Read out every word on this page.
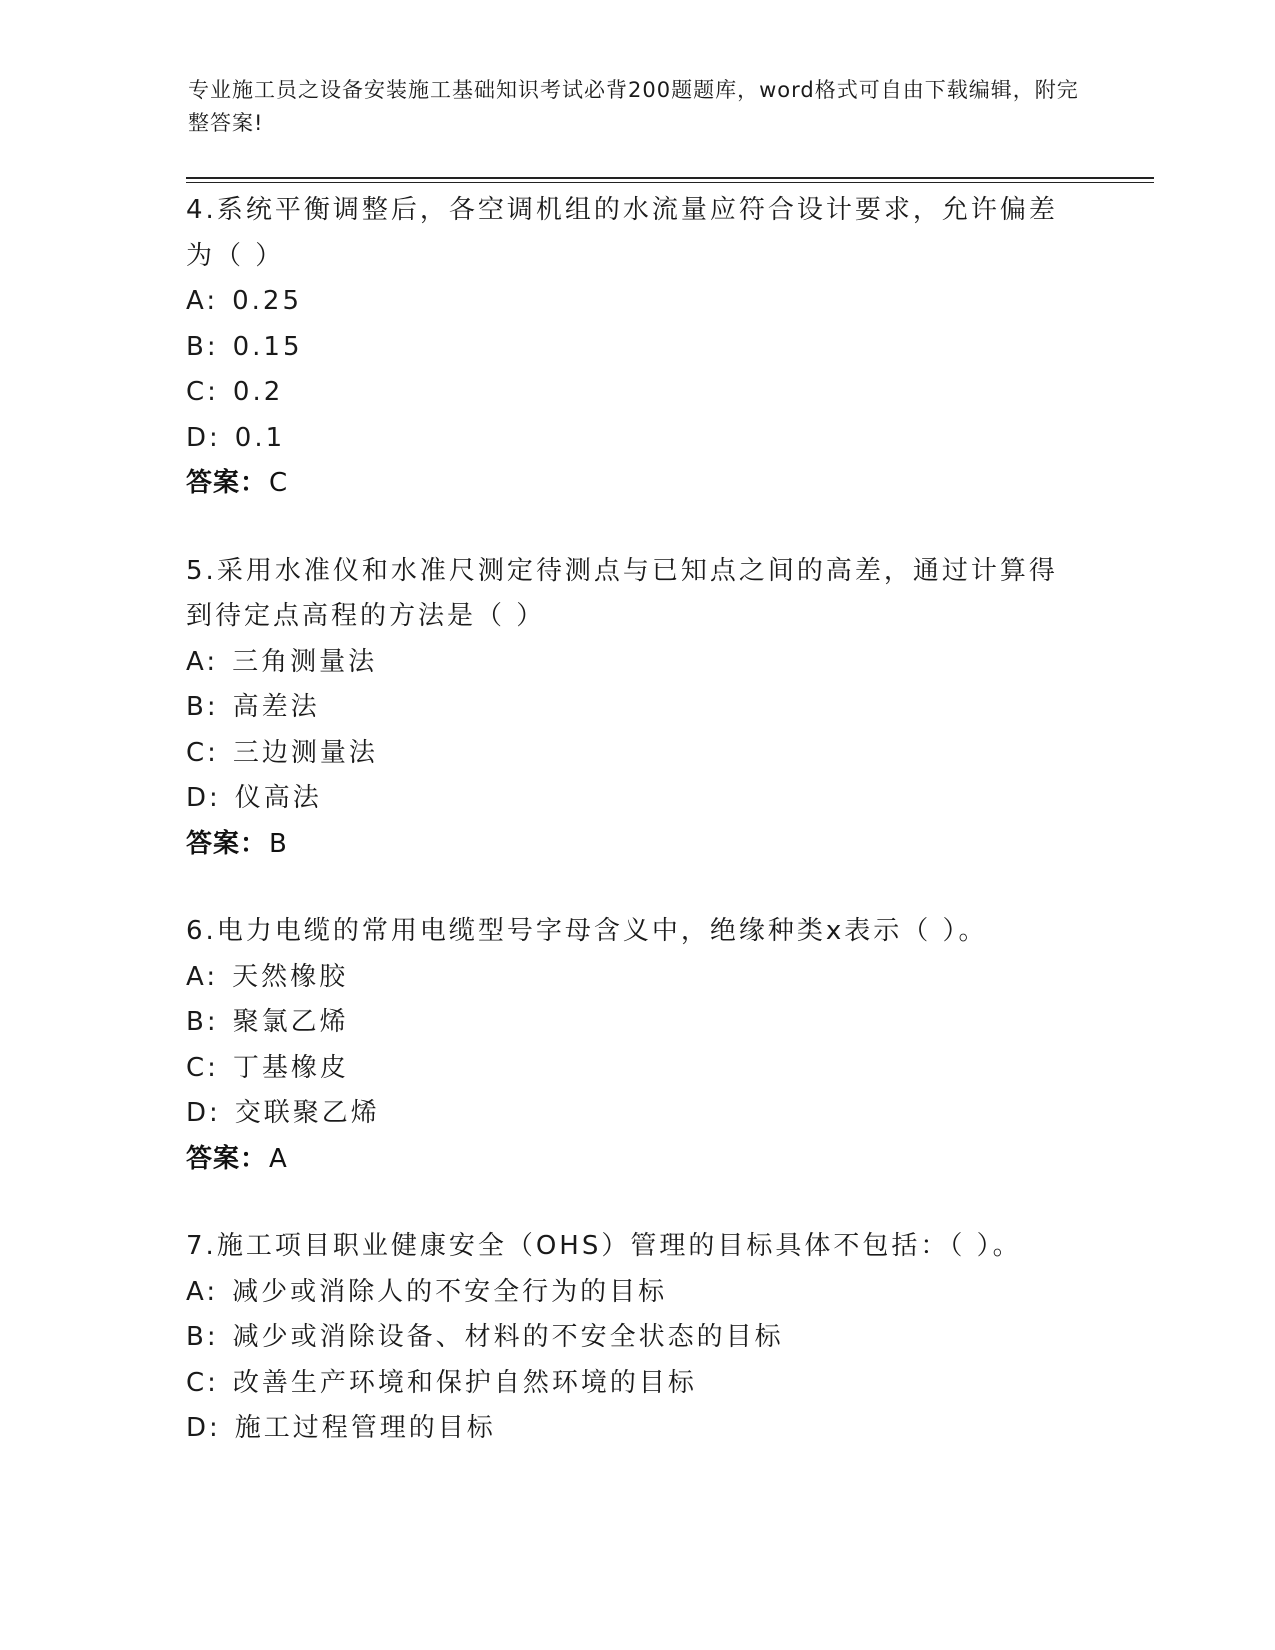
专业施工员之设备安装施工基础知识考试必背200题题库，word格式可自由下载编辑，附完整答案!
4.系统平衡调整后，各空调机组的水流量应符合设计要求，允许偏差为（ ）
A: 0.25
B: 0.15
C: 0.2
D: 0.1
答案：C
5.采用水准仪和水准尺测定待测点与已知点之间的高差，通过计算得到待定点高程的方法是（ ）
A: 三角测量法
B: 高差法
C: 三边测量法
D: 仪高法
答案：B
6.电力电缆的常用电缆型号字母含义中，绝缘种类x表示（ ）。
A: 天然橡胶
B: 聚氯乙烯
C: 丁基橡皮
D: 交联聚乙烯
答案：A
7.施工项目职业健康安全（OHS）管理的目标具体不包括：（ ）。
A: 减少或消除人的不安全行为的目标
B: 减少或消除设备、材料的不安全状态的目标
C: 改善生产环境和保护自然环境的目标
D: 施工过程管理的目标
